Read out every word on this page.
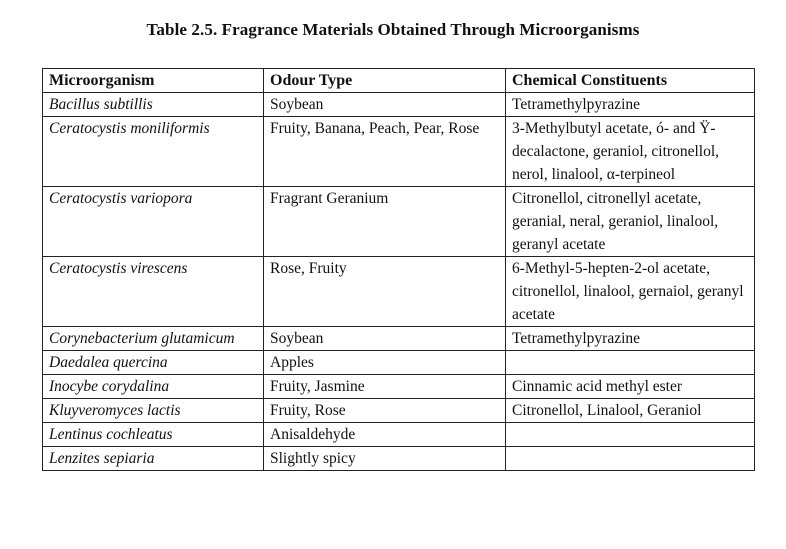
Table 2.5. Fragrance Materials Obtained Through Microorganisms
Microorganism	Odour Type	Chemical Constituents
Bacillus subtillis	Soybean	Tetramethylpyrazine
Ceratocystis moniliformis	Fruity, Banana, Peach, Pear, Rose	3-Methylbutyl acetate, ó- and Ÿ-decalactone, geraniol, citronellol, nerol, linalool, α-terpineol
Ceratocystis variopora	Fragrant Geranium	Citronellol, citronellyl acetate, geranial, neral, geraniol, linalool, geranyl acetate
Ceratocystis virescens	Rose, Fruity	6-Methyl-5-hepten-2-ol acetate, citronellol, linalool, gernaiol, geranyl acetate
Corynebacterium glutamicum	Soybean	Tetramethylpyrazine
Daedalea quercina	Apples	
Inocybe corydalina	Fruity, Jasmine	Cinnamic acid methyl ester
Kluyveromyces lactis	Fruity, Rose	Citronellol, Linalool, Geraniol
Lentinus cochleatus	Anisaldehyde	
Lenzites sepiaria	Slightly spicy	
